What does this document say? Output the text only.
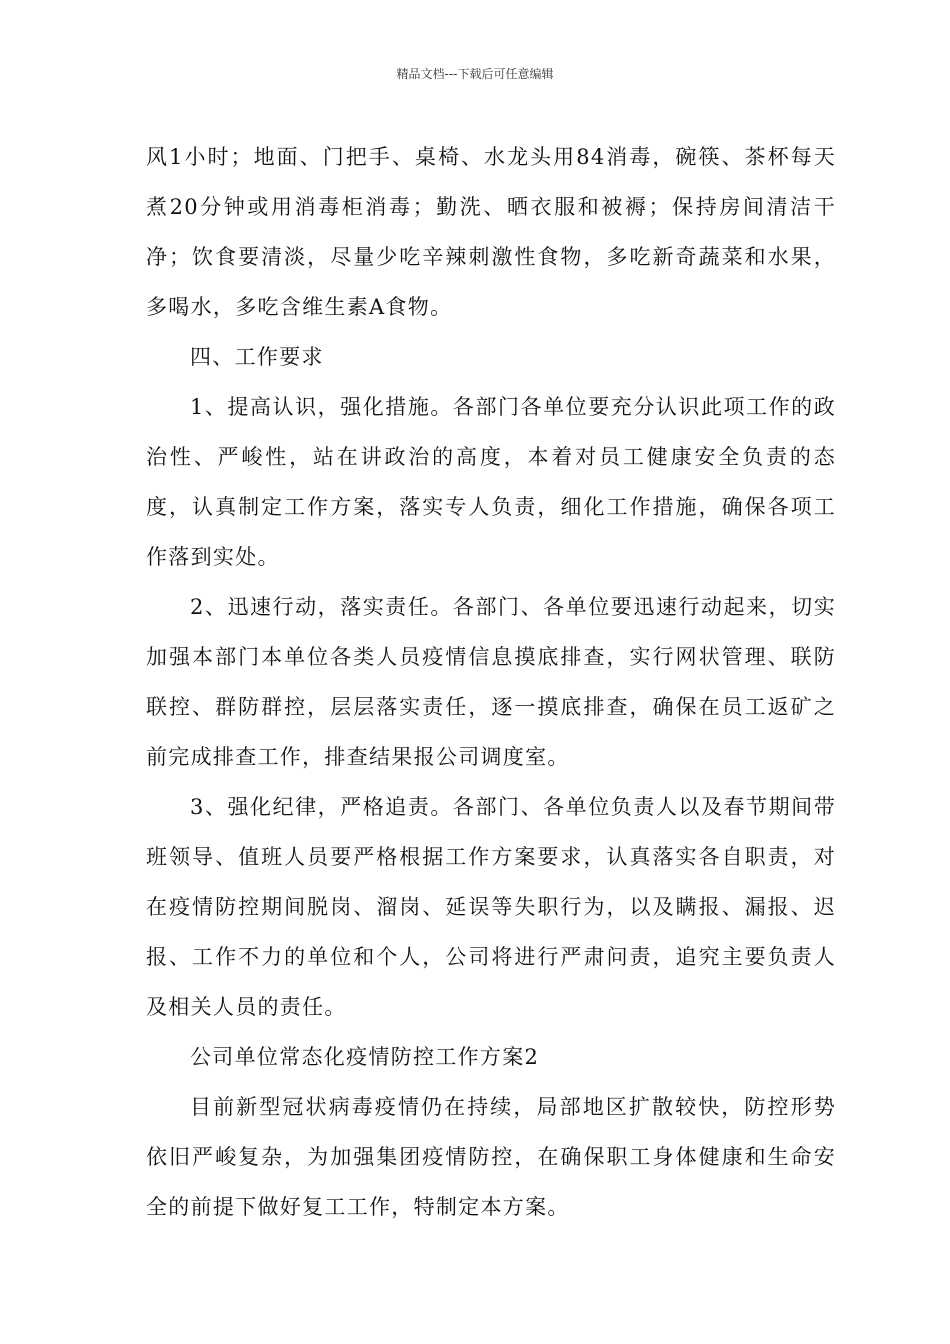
精品文档---下载后可任意编辑

风1小时；地面、门把手、桌椅、水龙头用84消毒，碗筷、茶杯每天煮20分钟或用消毒柜消毒；勤洗、晒衣服和被褥；保持房间清洁干净；饮食要清淡，尽量少吃辛辣刺激性食物，多吃新奇蔬菜和水果，多喝水，多吃含维生素A食物。

四、工作要求

1、提高认识，强化措施。各部门各单位要充分认识此项工作的政治性、严峻性，站在讲政治的高度，本着对员工健康安全负责的态度，认真制定工作方案，落实专人负责，细化工作措施，确保各项工作落到实处。

2、迅速行动，落实责任。各部门、各单位要迅速行动起来，切实加强本部门本单位各类人员疫情信息摸底排查，实行网状管理、联防联控、群防群控，层层落实责任，逐一摸底排查，确保在员工返矿之前完成排查工作，排查结果报公司调度室。

3、强化纪律，严格追责。各部门、各单位负责人以及春节期间带班领导、值班人员要严格根据工作方案要求，认真落实各自职责，对在疫情防控期间脱岗、溜岗、延误等失职行为，以及瞒报、漏报、迟报、工作不力的单位和个人，公司将进行严肃问责，追究主要负责人及相关人员的责任。

公司单位常态化疫情防控工作方案2

目前新型冠状病毒疫情仍在持续，局部地区扩散较快，防控形势依旧严峻复杂，为加强集团疫情防控，在确保职工身体健康和生命安全的前提下做好复工工作，特制定本方案。
